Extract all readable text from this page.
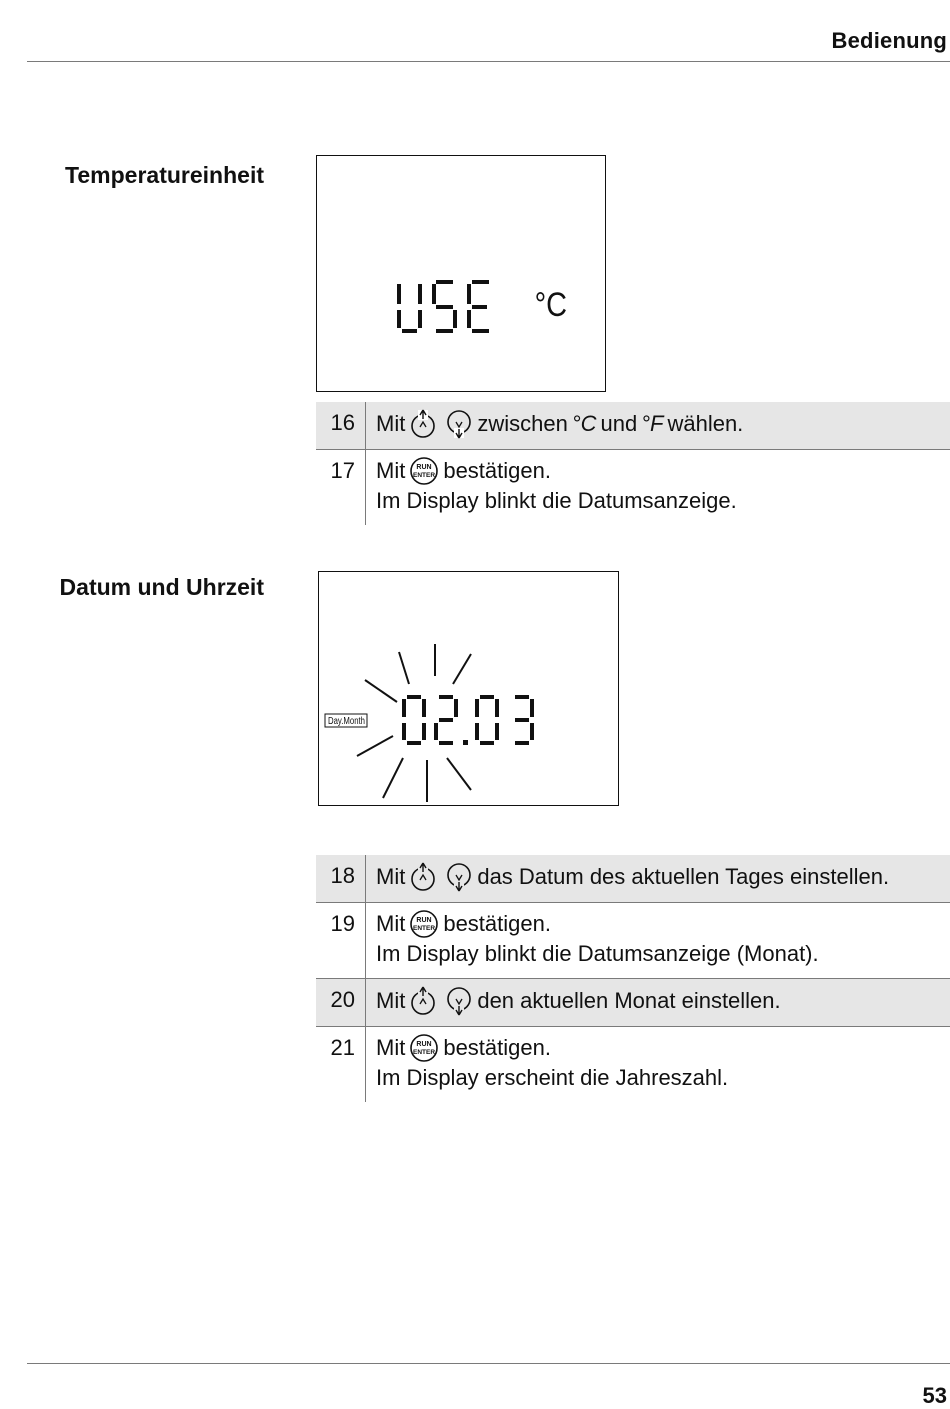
Bedienung
Temperatureinheit
°C
16 Mit	zwischen °C und °F wählen.
17 Mit RUN
ENTER bestätigen.
Im Display blinkt die Datumsanzeige.
Datum und Uhrzeit
Day.Month
18 Mit	das Datum des aktuellen Tages einstellen.
19 Mit RUN
ENTER bestätigen.
Im Display blinkt die Datumsanzeige (Monat).
20 Mit	den aktuellen Monat einstellen.
21 Mit RUN
ENTER bestätigen.
Im Display erscheint die Jahreszahl.
53
